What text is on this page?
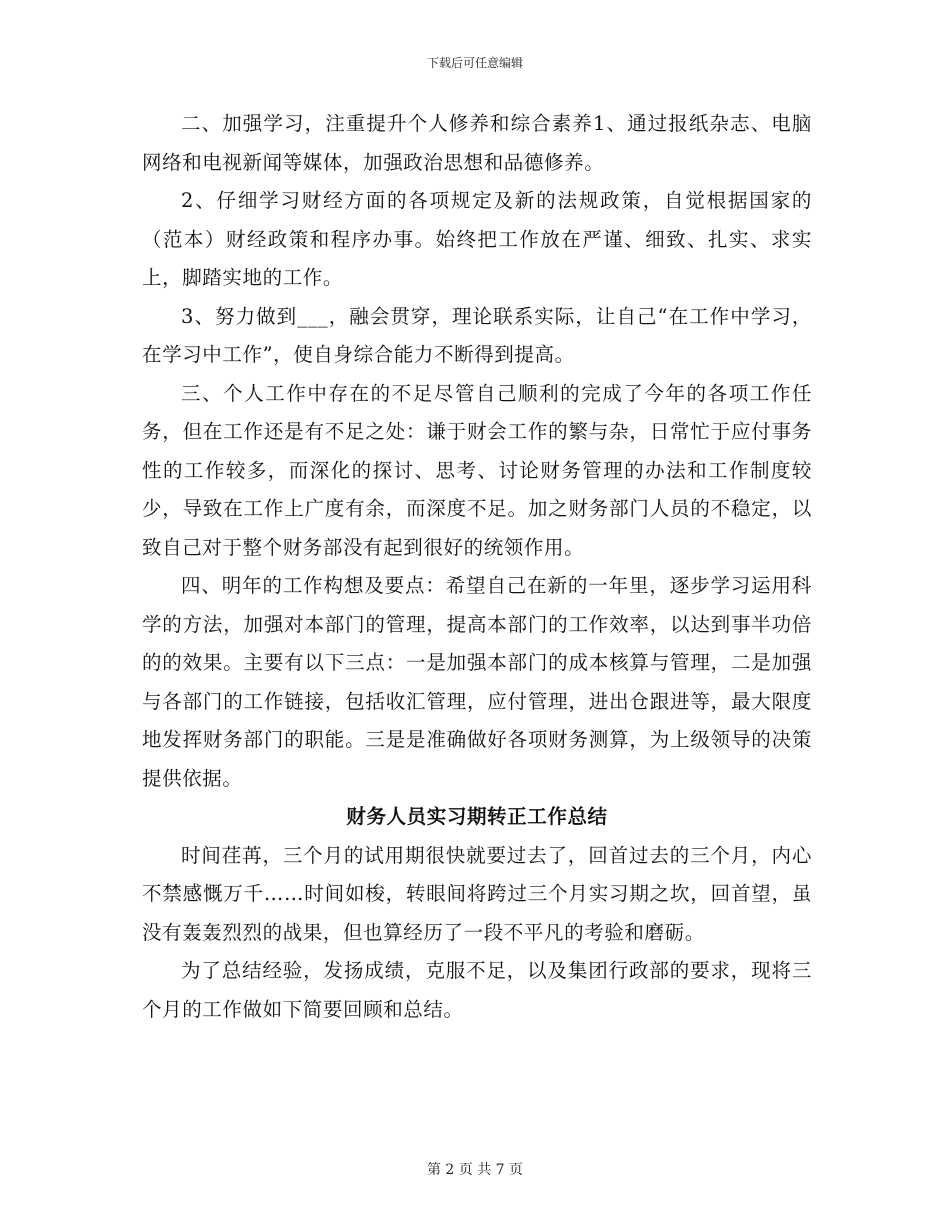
下载后可任意编辑

二、加强学习，注重提升个人修养和综合素养1、通过报纸杂志、电脑网络和电视新闻等媒体，加强政治思想和品德修养。

2、仔细学习财经方面的各项规定及新的法规政策，自觉根据国家的（范本）财经政策和程序办事。始终把工作放在严谨、细致、扎实、求实上，脚踏实地的工作。

3、努力做到___，融会贯穿，理论联系实际，让自己“在工作中学习，在学习中工作”，使自身综合能力不断得到提高。

三、个人工作中存在的不足尽管自己顺利的完成了今年的各项工作任务，但在工作还是有不足之处：谦于财会工作的繁与杂，日常忙于应付事务性的工作较多，而深化的探讨、思考、讨论财务管理的办法和工作制度较少，导致在工作上广度有余，而深度不足。加之财务部门人员的不稳定，以致自己对于整个财务部没有起到很好的统领作用。

四、明年的工作构想及要点：希望自己在新的一年里，逐步学习运用科学的方法，加强对本部门的管理，提高本部门的工作效率，以达到事半功倍的的效果。主要有以下三点：一是加强本部门的成本核算与管理，二是加强与各部门的工作链接，包括收汇管理，应付管理，进出仓跟进等，最大限度地发挥财务部门的职能。三是是准确做好各项财务测算，为上级领导的决策提供依据。

财务人员实习期转正工作总结

时间荏苒，三个月的试用期很快就要过去了，回首过去的三个月，内心不禁感慨万千……时间如梭，转眼间将跨过三个月实习期之坎，回首望，虽没有轰轰烈烈的战果，但也算经历了一段不平凡的考验和磨砺。

为了总结经验，发扬成绩，克服不足，以及集团行政部的要求，现将三个月的工作做如下简要回顾和总结。

第 2 页 共 7 页
